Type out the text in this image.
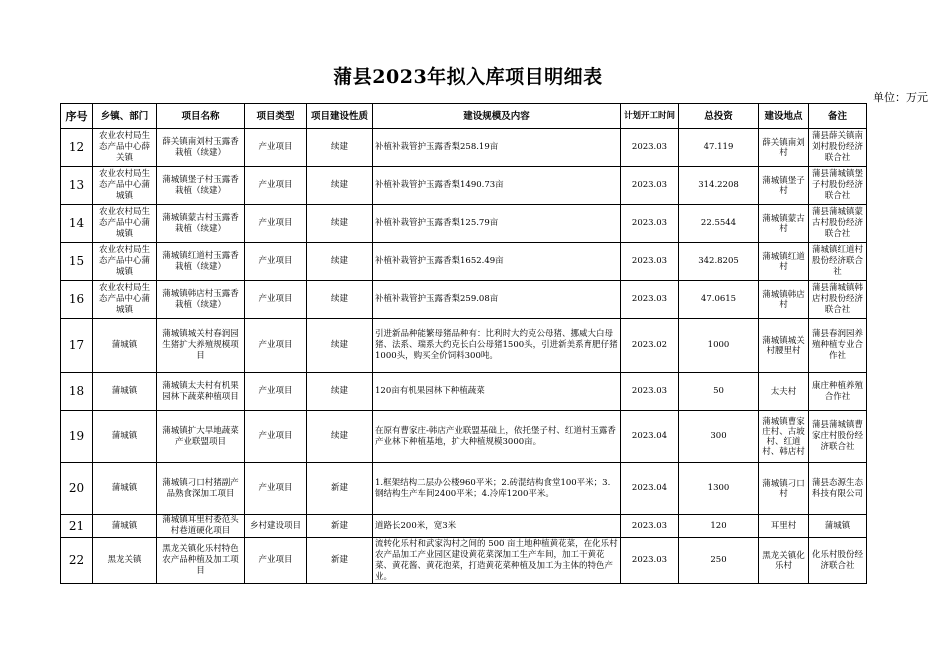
蒲县2023年拟入库项目明细表
单位：万元
序号	乡镇、部门	项目名称	项目类型	项目建设性质	建设规模及内容	计划开工时间	总投资	建设地点	备注
12	农业农村局生态产品中心薛关镇	薛关镇南刘村玉露香栽植（续建）	产业项目	续建	补植补栽管护玉露香梨258.19亩	2023.03	47.119	薛关镇南刘村	蒲县薛关镇南刘村股份经济联合社
13	农业农村局生态产品中心蒲城镇	蒲城镇堡子村玉露香栽植（续建）	产业项目	续建	补植补栽管护玉露香梨1490.73亩	2023.03	314.2208	蒲城镇堡子村	蒲县蒲城镇堡子村股份经济联合社
14	农业农村局生态产品中心蒲城镇	蒲城镇蒙古村玉露香栽植（续建）	产业项目	续建	补植补栽管护玉露香梨125.79亩	2023.03	22.5544	蒲城镇蒙古村	蒲县蒲城镇蒙古村股份经济联合社
15	农业农村局生态产品中心蒲城镇	蒲城镇红道村玉露香栽植（续建）	产业项目	续建	补植补栽管护玉露香梨1652.49亩	2023.03	342.8205	蒲城镇红道村	蒲城镇红道村股份经济联合社
16	农业农村局生态产品中心蒲城镇	蒲城镇韩店村玉露香栽植（续建）	产业项目	续建	补植补栽管护玉露香梨259.08亩	2023.03	47.0615	蒲城镇韩店村	蒲县蒲城镇韩店村股份经济联合社
17	蒲城镇	蒲城镇城关村春润园生猪扩大养殖规模项目	产业项目	续建	引进新品种能繁母猪品种有：比利时大约克公母猪、挪威大白母猪、法系、瑞系大约克长白公母猪1500头，引进新美系育肥仔猪1000头，购买全价饲料300吨。	2023.02	1000	蒲城镇城关村腰里村	蒲县春润园养殖种植专业合作社
18	蒲城镇	蒲城镇太夫村有机果园林下蔬菜种植项目	产业项目	续建	120亩有机果园林下种植蔬菜	2023.03	50	太夫村	康庄种植养殖合作社
19	蒲城镇	蒲城镇扩大旱地蔬菜产业联盟项目	产业项目	续建	在原有曹家庄-韩店产业联盟基础上，依托堡子村、红道村玉露香产业林下种植基地，扩大种植规模3000亩。	2023.04	300	蒲城镇曹家庄村、古坡村、红道村、韩店村	蒲县蒲城镇曹家庄村股份经济联合社
20	蒲城镇	蒲城镇刁口村猪副产品熟食深加工项目	产业项目	新建	1.框架结构二层办公楼960平米；2.砖混结构食堂100平米；3.钢结构生产车间2400平米；4.冷库1200平米。	2023.04	1300	蒲城镇刁口村	蒲县态源生态科技有限公司
21	蒲城镇	蒲城镇耳里村委范头村巷道硬化项目	乡村建设项目	新建	道路长200米，宽3米	2023.03	120	耳里村	蒲城镇
22	黑龙关镇	黑龙关镇化乐村特色农产品种植及加工项目	产业项目	新建	流转化乐村和武家沟村之间的 500 亩土地种植黄花菜，在化乐村农产品加工产业园区建设黄花菜深加工生产车间，加工干黄花菜、黄花酱、黄花泡菜，打造黄花菜种植及加工为主体的特色产业。	2023.03	250	黑龙关镇化乐村	化乐村股份经济联合社
